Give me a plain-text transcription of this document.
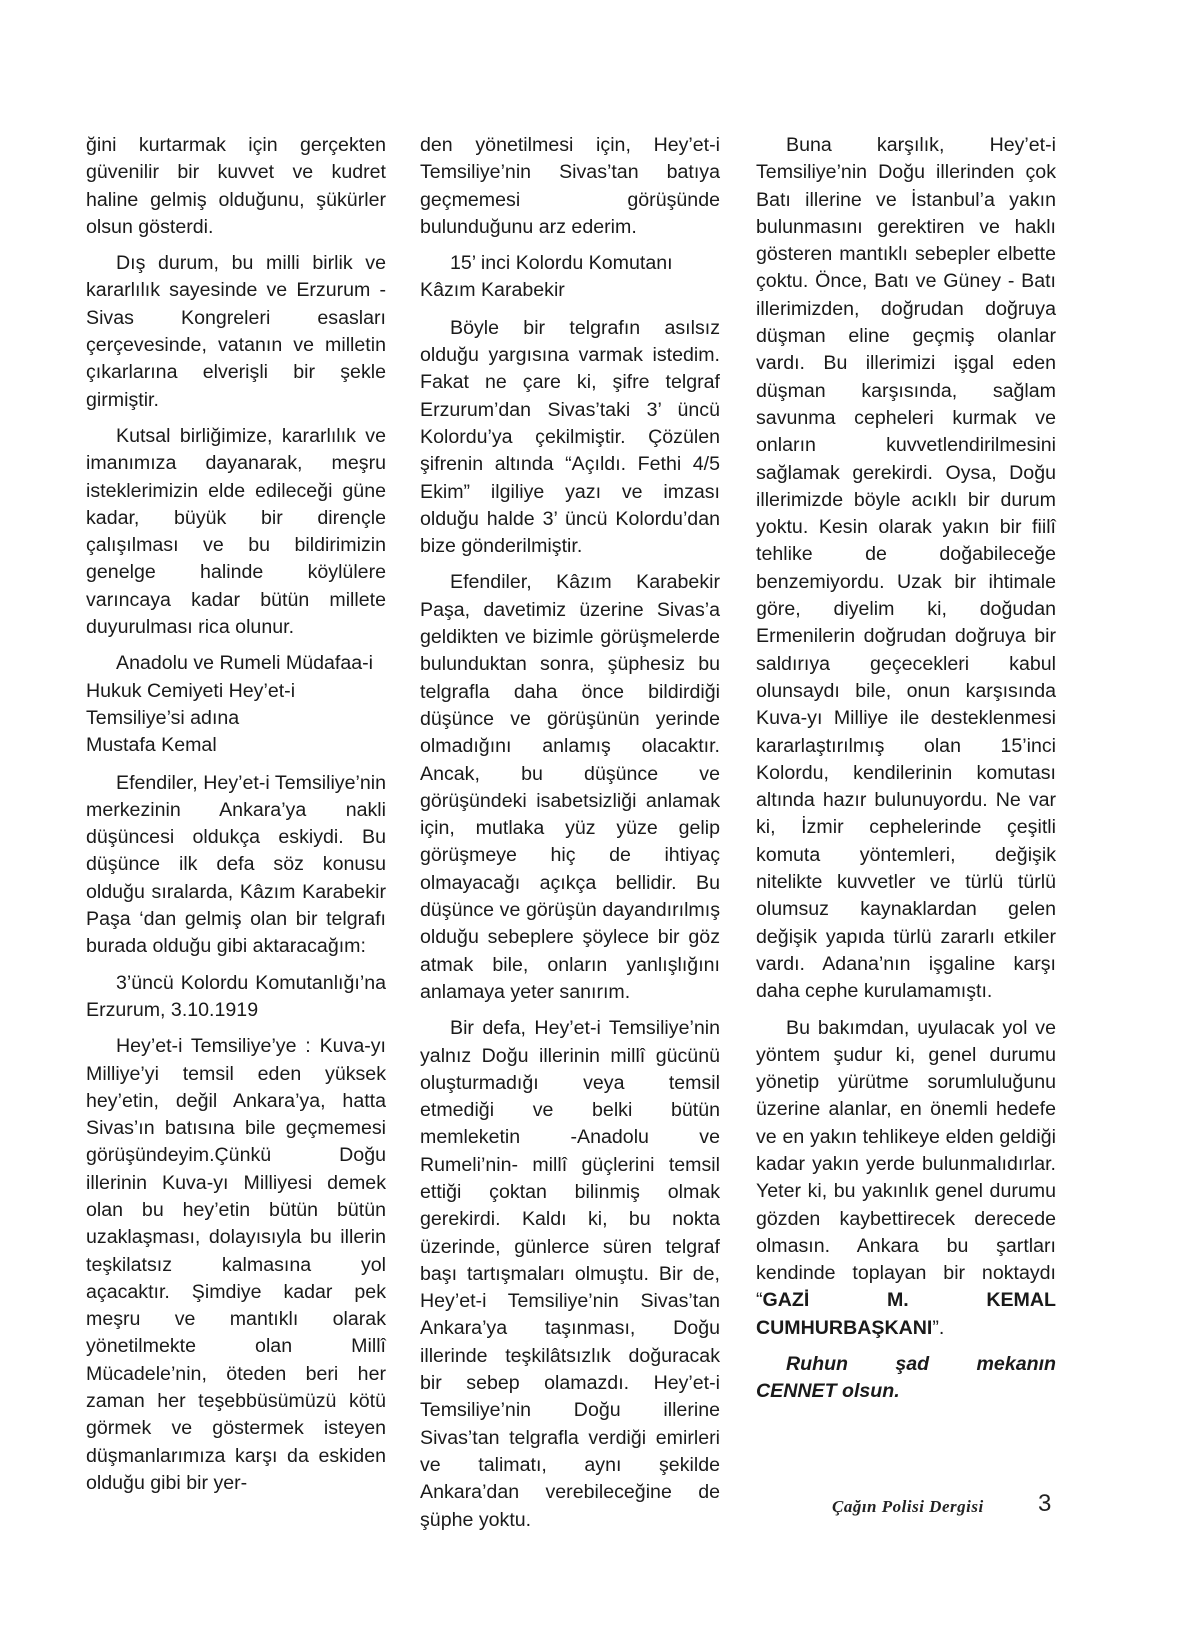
ğini kurtarmak için gerçekten güvenilir bir kuvvet ve kudret haline gelmiş olduğunu, şükürler olsun gösterdi.

Dış durum, bu milli birlik ve kararlılık sayesinde ve Erzurum - Sivas Kongreleri esasları çerçevesinde, vatanın ve milletin çıkarlarına elverişli bir şekle girmiştir.

Kutsal birliğimize, kararlılık ve imanımıza dayanarak, meşru isteklerimizin elde edileceği güne kadar, büyük bir dirençle çalışılması ve bu bildirimizin genelge halinde köylülere varıncaya kadar bütün millete duyurulması rica olunur.

Anadolu ve Rumeli Müdafaa-i
Hukuk Cemiyeti Hey’et-i
Temsiliye’si adına
Mustafa Kemal

Efendiler, Hey’et-i Temsiliye’nin merkezinin Ankara’ya nakli düşüncesi oldukça eskiydi. Bu düşünce ilk defa söz konusu olduğu sıralarda, Kâzım Karabekir Paşa ‘dan gelmiş olan bir telgrafı burada olduğu gibi aktaracağım:

3’üncü Kolordu Komutanlığı’na Erzurum, 3.10.1919

Hey’et-i Temsiliye’ye : Kuva-yı Milliye’yi temsil eden yüksek hey’etin, değil Ankara’ya, hatta Sivas’ın batısına bile geçmemesi görüşündeyim.Çünkü Doğu illerinin Kuva-yı Milliyesi demek olan bu hey’etin bütün bütün uzaklaşması, dolayısıyla bu illerin teşkilatsız kalmasına yol açacaktır. Şimdiye kadar pek meşru ve mantıklı olarak yönetilmekte olan Millî Mücadele’nin, öteden beri her zaman her teşebbüsümüzü kötü görmek ve göstermek isteyen düşmanlarımıza karşı da eskiden olduğu gibi bir yer-

den yönetilmesi için, Hey’et-i Temsiliye’nin Sivas’tan batıya geçmemesi görüşünde bulunduğunu arz ederim.

15’ inci Kolordu Komutanı
Kâzım Karabekir

Böyle bir telgrafın asılsız olduğu yargısına varmak istedim. Fakat ne çare ki, şifre telgraf Erzurum’dan Sivas’taki 3’ üncü Kolordu’ya çekilmiştir. Çözülen şifrenin altında “Açıldı. Fethi 4/5 Ekim” ilgiliye yazı ve imzası olduğu halde 3’ üncü Kolordu’dan bize gönderilmiştir.

Efendiler, Kâzım Karabekir Paşa, davetimiz üzerine Sivas’a geldikten ve bizimle görüşmelerde bulunduktan sonra, şüphesiz bu telgrafla daha önce bildirdiği düşünce ve görüşünün yerinde olmadığını anlamış olacaktır. Ancak, bu düşünce ve görüşündeki isabetsizliği anlamak için, mutlaka yüz yüze gelip görüşmeye hiç de ihtiyaç olmayacağı açıkça bellidir. Bu düşünce ve görüşün dayandırılmış olduğu sebeplere şöylece bir göz atmak bile, onların yanlışlığını anlamaya yeter sanırım.

Bir defa, Hey’et-i Temsiliye’nin yalnız Doğu illerinin millî gücünü oluşturmadığı veya temsil etmediği ve belki bütün memleketin -Anadolu ve Rumeli’nin- millî güçlerini temsil ettiği çoktan bilinmiş olmak gerekirdi. Kaldı ki, bu nokta üzerinde, günlerce süren telgraf başı tartışmaları olmuştu. Bir de, Hey’et-i Temsiliye’nin Sivas’tan Ankara’ya taşınması, Doğu illerinde teşkilâtsızlık doğuracak bir sebep olamazdı. Hey’et-i Temsiliye’nin Doğu illerine Sivas’tan telgrafla verdiği emirleri ve talimatı, aynı şekilde Ankara’dan verebileceğine de şüphe yoktu.

Buna karşılık, Hey’et-i Temsiliye’nin Doğu illerinden çok Batı illerine ve İstanbul’a yakın bulunmasını gerektiren ve haklı gösteren mantıklı sebepler elbette çoktu. Önce, Batı ve Güney - Batı illerimizden, doğrudan doğruya düşman eline geçmiş olanlar vardı. Bu illerimizi işgal eden düşman karşısında, sağlam savunma cepheleri kurmak ve onların kuvvetlendirilmesini sağlamak gerekirdi. Oysa, Doğu illerimizde böyle acıklı bir durum yoktu. Kesin olarak yakın bir fiilî tehlike de doğabileceğe benzemiyordu. Uzak bir ihtimale göre, diyelim ki, doğudan Ermenilerin doğrudan doğruya bir saldırıya geçecekleri kabul olunsaydı bile, onun karşısında Kuva-yı Milliye ile desteklenmesi kararlaştırılmış olan 15’inci Kolordu, kendilerinin komutası altında hazır bulunuyordu. Ne var ki, İzmir cephelerinde çeşitli komuta yöntemleri, değişik nitelikte kuvvetler ve türlü türlü olumsuz kaynaklardan gelen değişik yapıda türlü zararlı etkiler vardı. Adana’nın işgaline karşı daha cephe kurulamamıştı.

Bu bakımdan, uyulacak yol ve yöntem şudur ki, genel durumu yönetip yürütme sorumluluğunu üzerine alanlar, en önemli hedefe ve en yakın tehlikeye elden geldiği kadar yakın yerde bulunmalıdırlar. Yeter ki, bu yakınlık genel durumu gözden kaybettirecek derecede olmasın. Ankara bu şartları kendinde toplayan bir noktaydı “GAZİ M. KEMAL CUMHURBAŞKANI”.

Ruhun şad mekanın
CENNET olsun.

Çağın Polisi Dergisi 3
